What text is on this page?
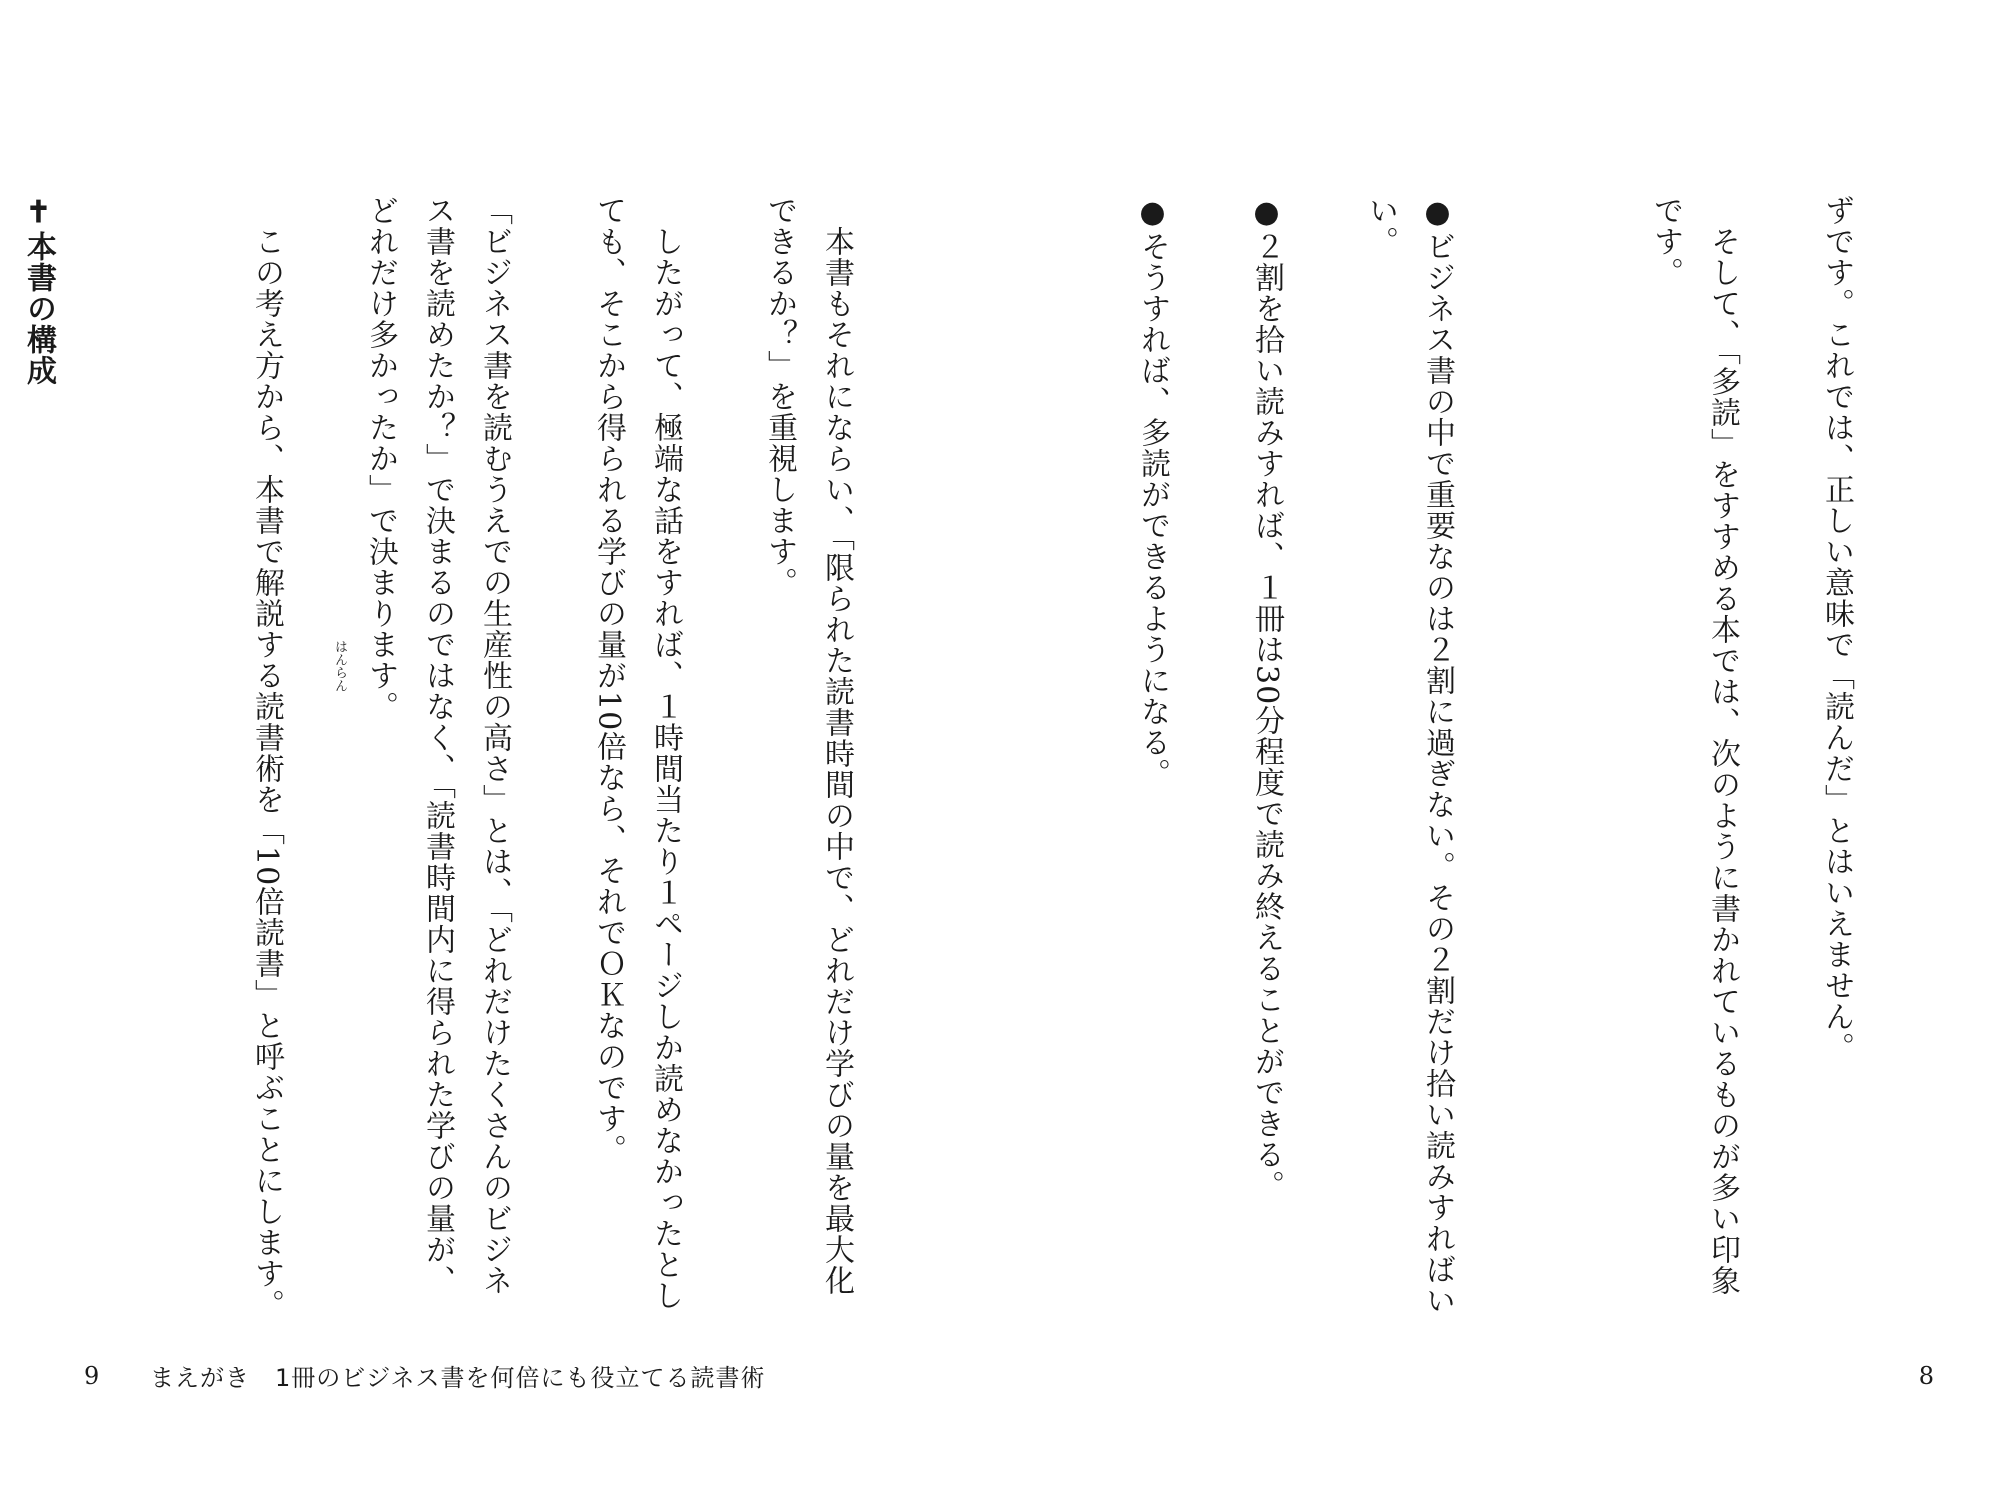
ずです。これでは、正しい意味で「読んだ」とはいえません。

　そして、「多読」をすすめる本では、次のように書かれているものが多い印象です。

●ビジネス書の中で重要なのは２割に過ぎない。その２割だけ拾い読みすればいい。

●２割を拾い読みすれば、１冊は30分程度で読み終えることができる。

●そうすれば、多読ができるようになる。

8

　本書もそれにならい、「限られた読書時間の中で、どれだけ学びの量を最大化できるか？」を重視します。

　したがって、極端な話をすれば、１時間当たり１ページしか読めなかったとしても、そこから得られる学びの量が10倍なら、それでＯＫなのです。

「ビジネス書を読むうえでの生産性の高さ」とは、「どれだけたくさんのビジネス書を読めたか？」で決まるのではなく、「読書時間内に得られた学びの量が、どれだけ多かったか」で決まります。

　この考え方から、本書で解説する読書術を「10倍読書」と呼ぶことにします。

✝本書の構成

はんらん
9 まえがき　1冊のビジネス書を何倍にも役立てる読書術
